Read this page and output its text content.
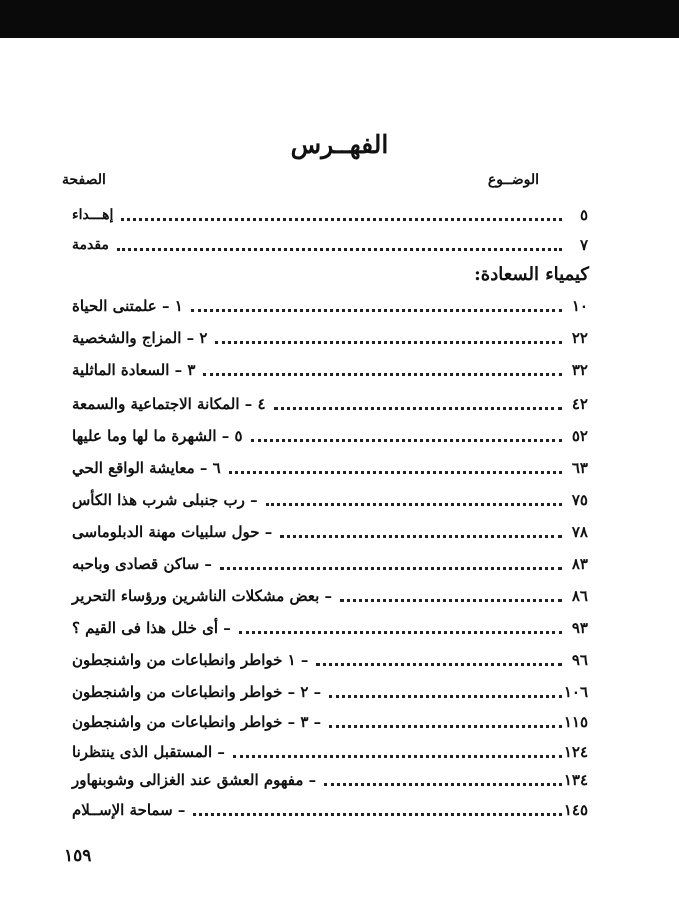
الفهــرس
الوضــوع
الصفحة
إهـــداء	٥
مقدمة	٧
كيمياء السعادة:
١ – علمتنى الحياة	١٠
٢ – المزاج والشخصية	٢٢
٣ – السعادة الماثلية	٣٢
٤ – المكانة الاجتماعية والسمعة	٤٢
٥ – الشهرة ما لها وما عليها	٥٢
٦ – معايشة الواقع الحي	٦٣
– رب جنبلى شرب هذا الكأس	٧٥
– حول سلبيات مهنة الدبلوماسى	٧٨
– ساكن قصادى وباحبه	٨٣
– بعض مشكلات الناشرين ورؤساء التحرير	٨٦
– أى خلل هذا فى القيم ؟	٩٣
– ١ خواطر وانطباعات من واشنجطون	٩٦
– ٢ – خواطر وانطباعات من واشنجطون	١٠٦
– ٣ – خواطر وانطباعات من واشنجطون	١١٥
– المستقبل الذى ينتظرنا	١٢٤
– مفهوم العشق عند الغزالى وشوبنهاور	١٣٤
– سماحة الإســلام	١٤٥
١٥٩
